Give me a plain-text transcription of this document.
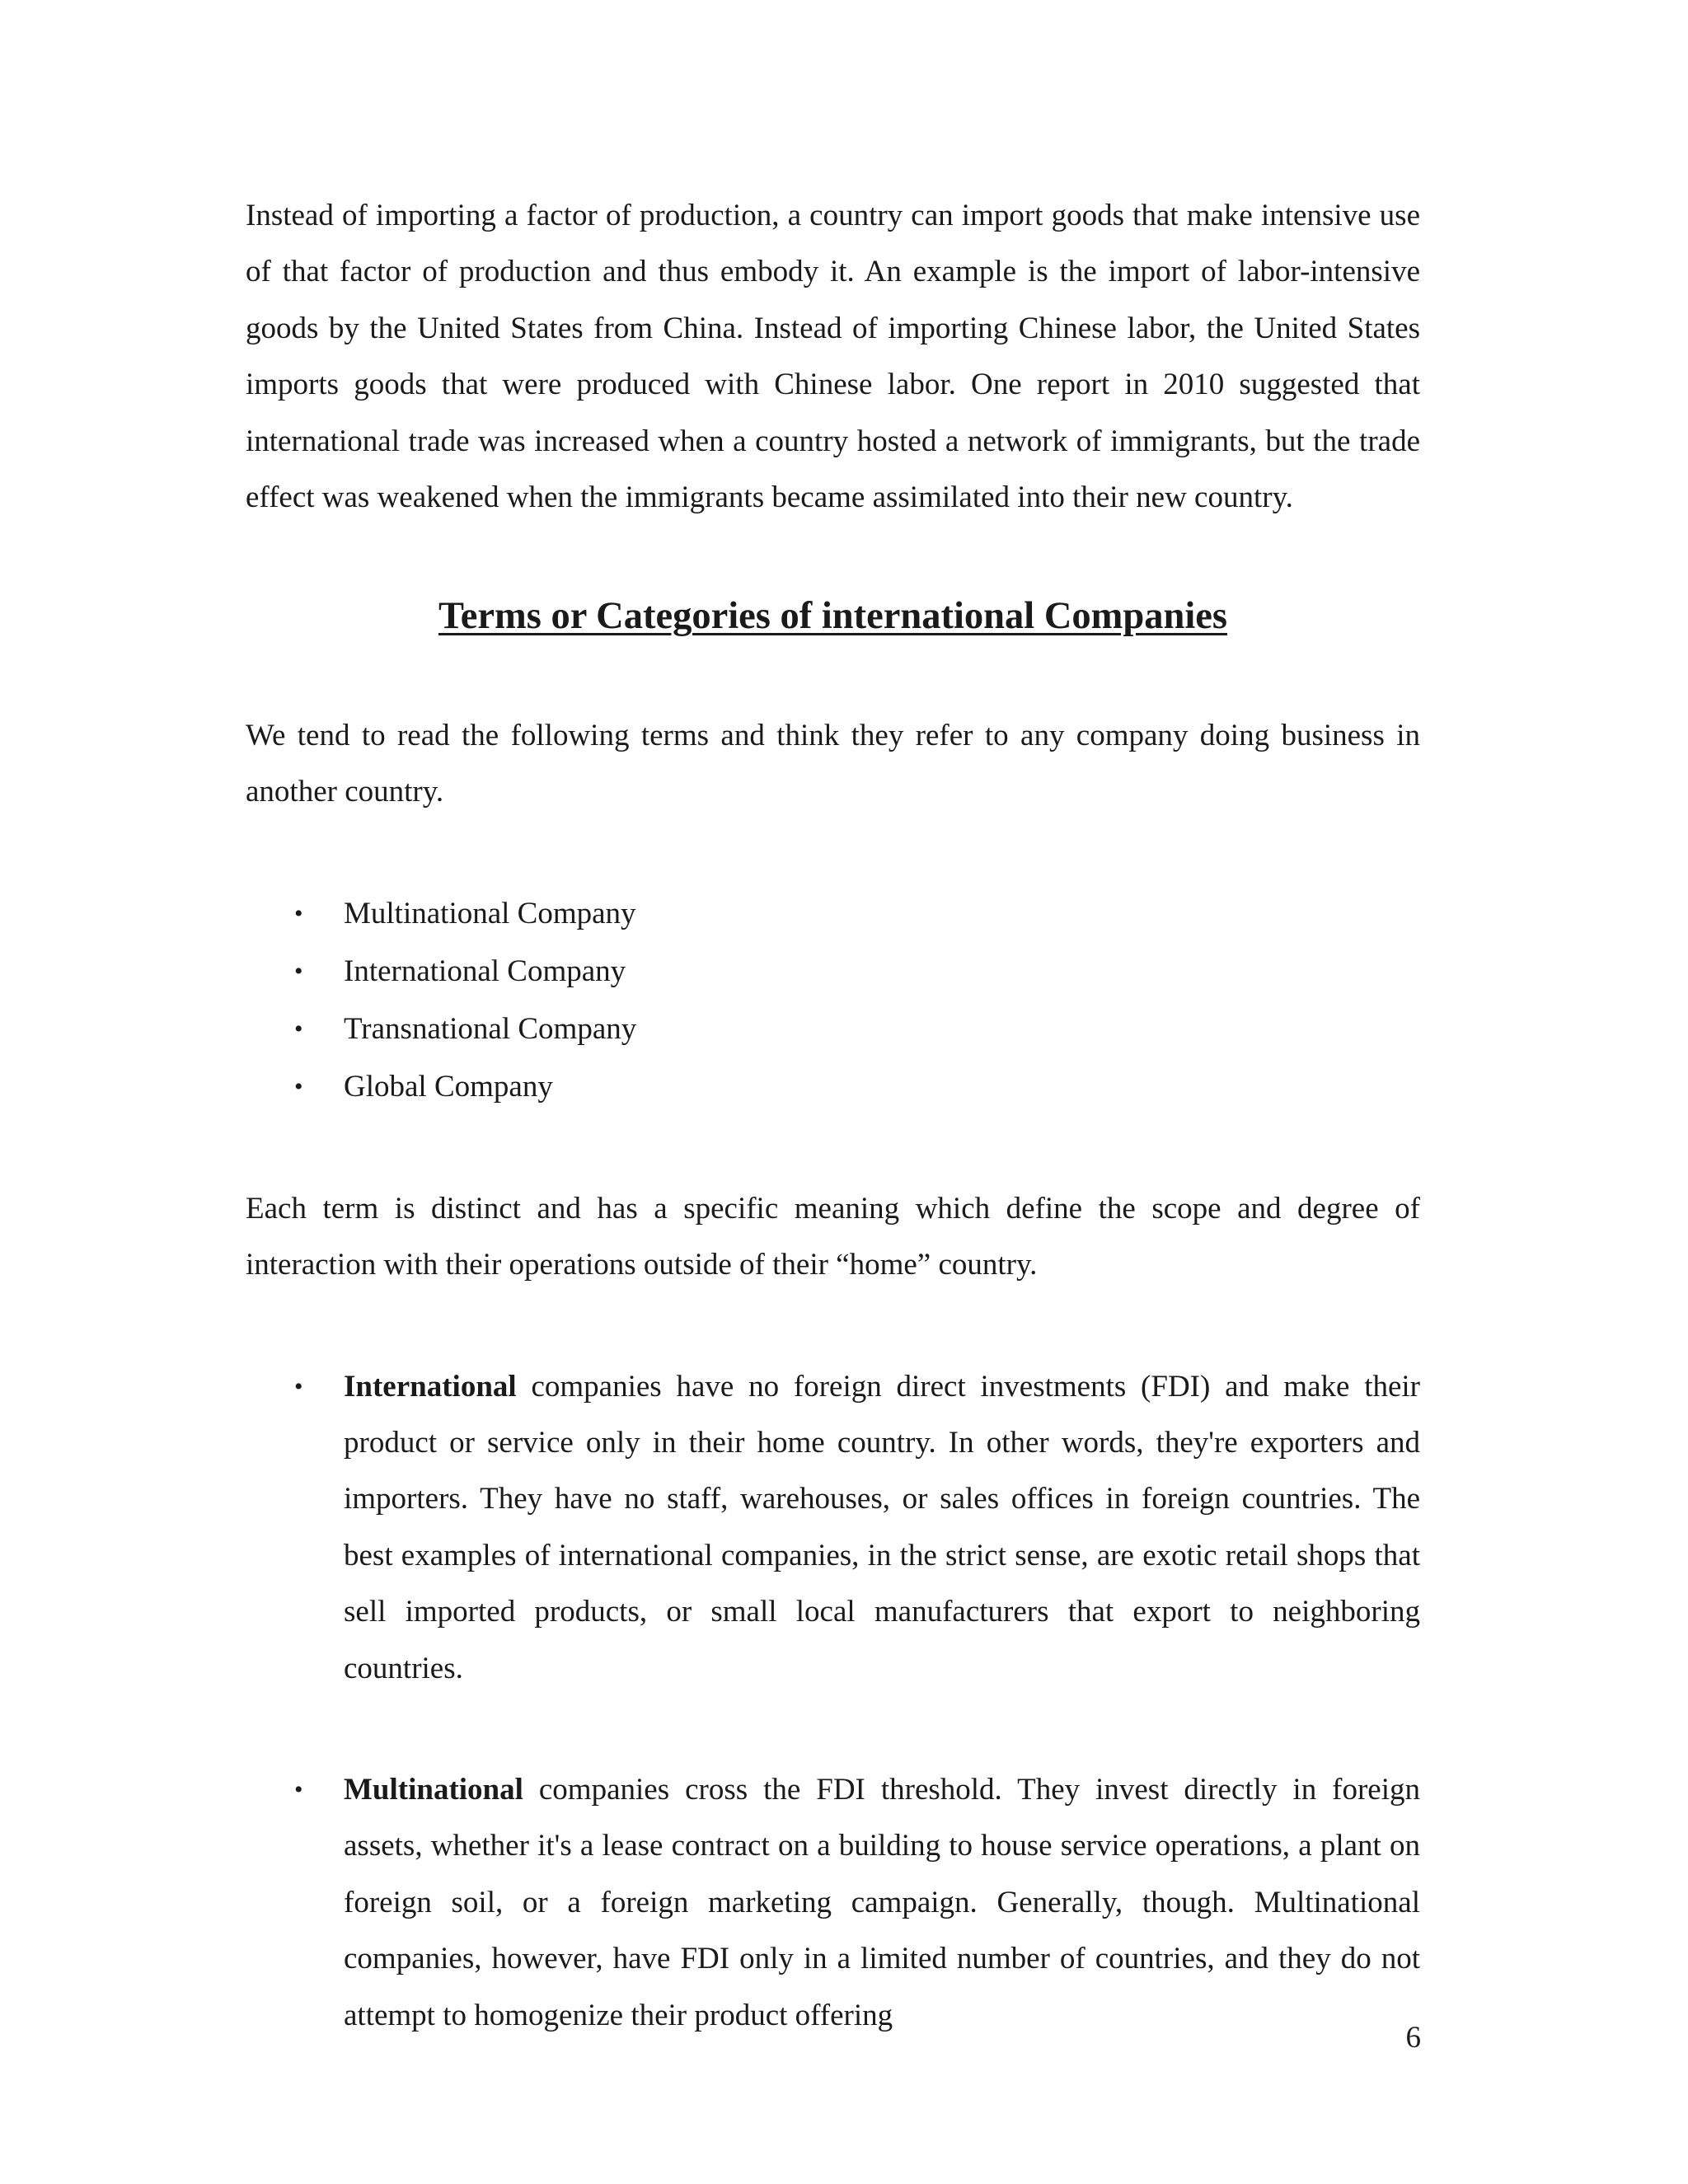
Instead of importing a factor of production, a country can import goods that make intensive use of that factor of production and thus embody it. An example is the import of labor-intensive goods by the United States from China. Instead of importing Chinese labor, the United States imports goods that were produced with Chinese labor. One report in 2010 suggested that international trade was increased when a country hosted a network of immigrants, but the trade effect was weakened when the immigrants became assimilated into their new country.

Terms or Categories of international Companies

We tend to read the following terms and think they refer to any company doing business in another country.

• Multinational Company
• International Company
• Transnational Company
• Global Company

Each term is distinct and has a specific meaning which define the scope and degree of interaction with their operations outside of their “home” country.

• International companies have no foreign direct investments (FDI) and make their product or service only in their home country. In other words, they're exporters and importers. They have no staff, warehouses, or sales offices in foreign countries. The best examples of international companies, in the strict sense, are exotic retail shops that sell imported products, or small local manufacturers that export to neighboring countries.
• Multinational companies cross the FDI threshold. They invest directly in foreign assets, whether it's a lease contract on a building to house service operations, a plant on foreign soil, or a foreign marketing campaign. Generally, though. Multinational companies, however, have FDI only in a limited number of countries, and they do not attempt to homogenize their product offering
6
